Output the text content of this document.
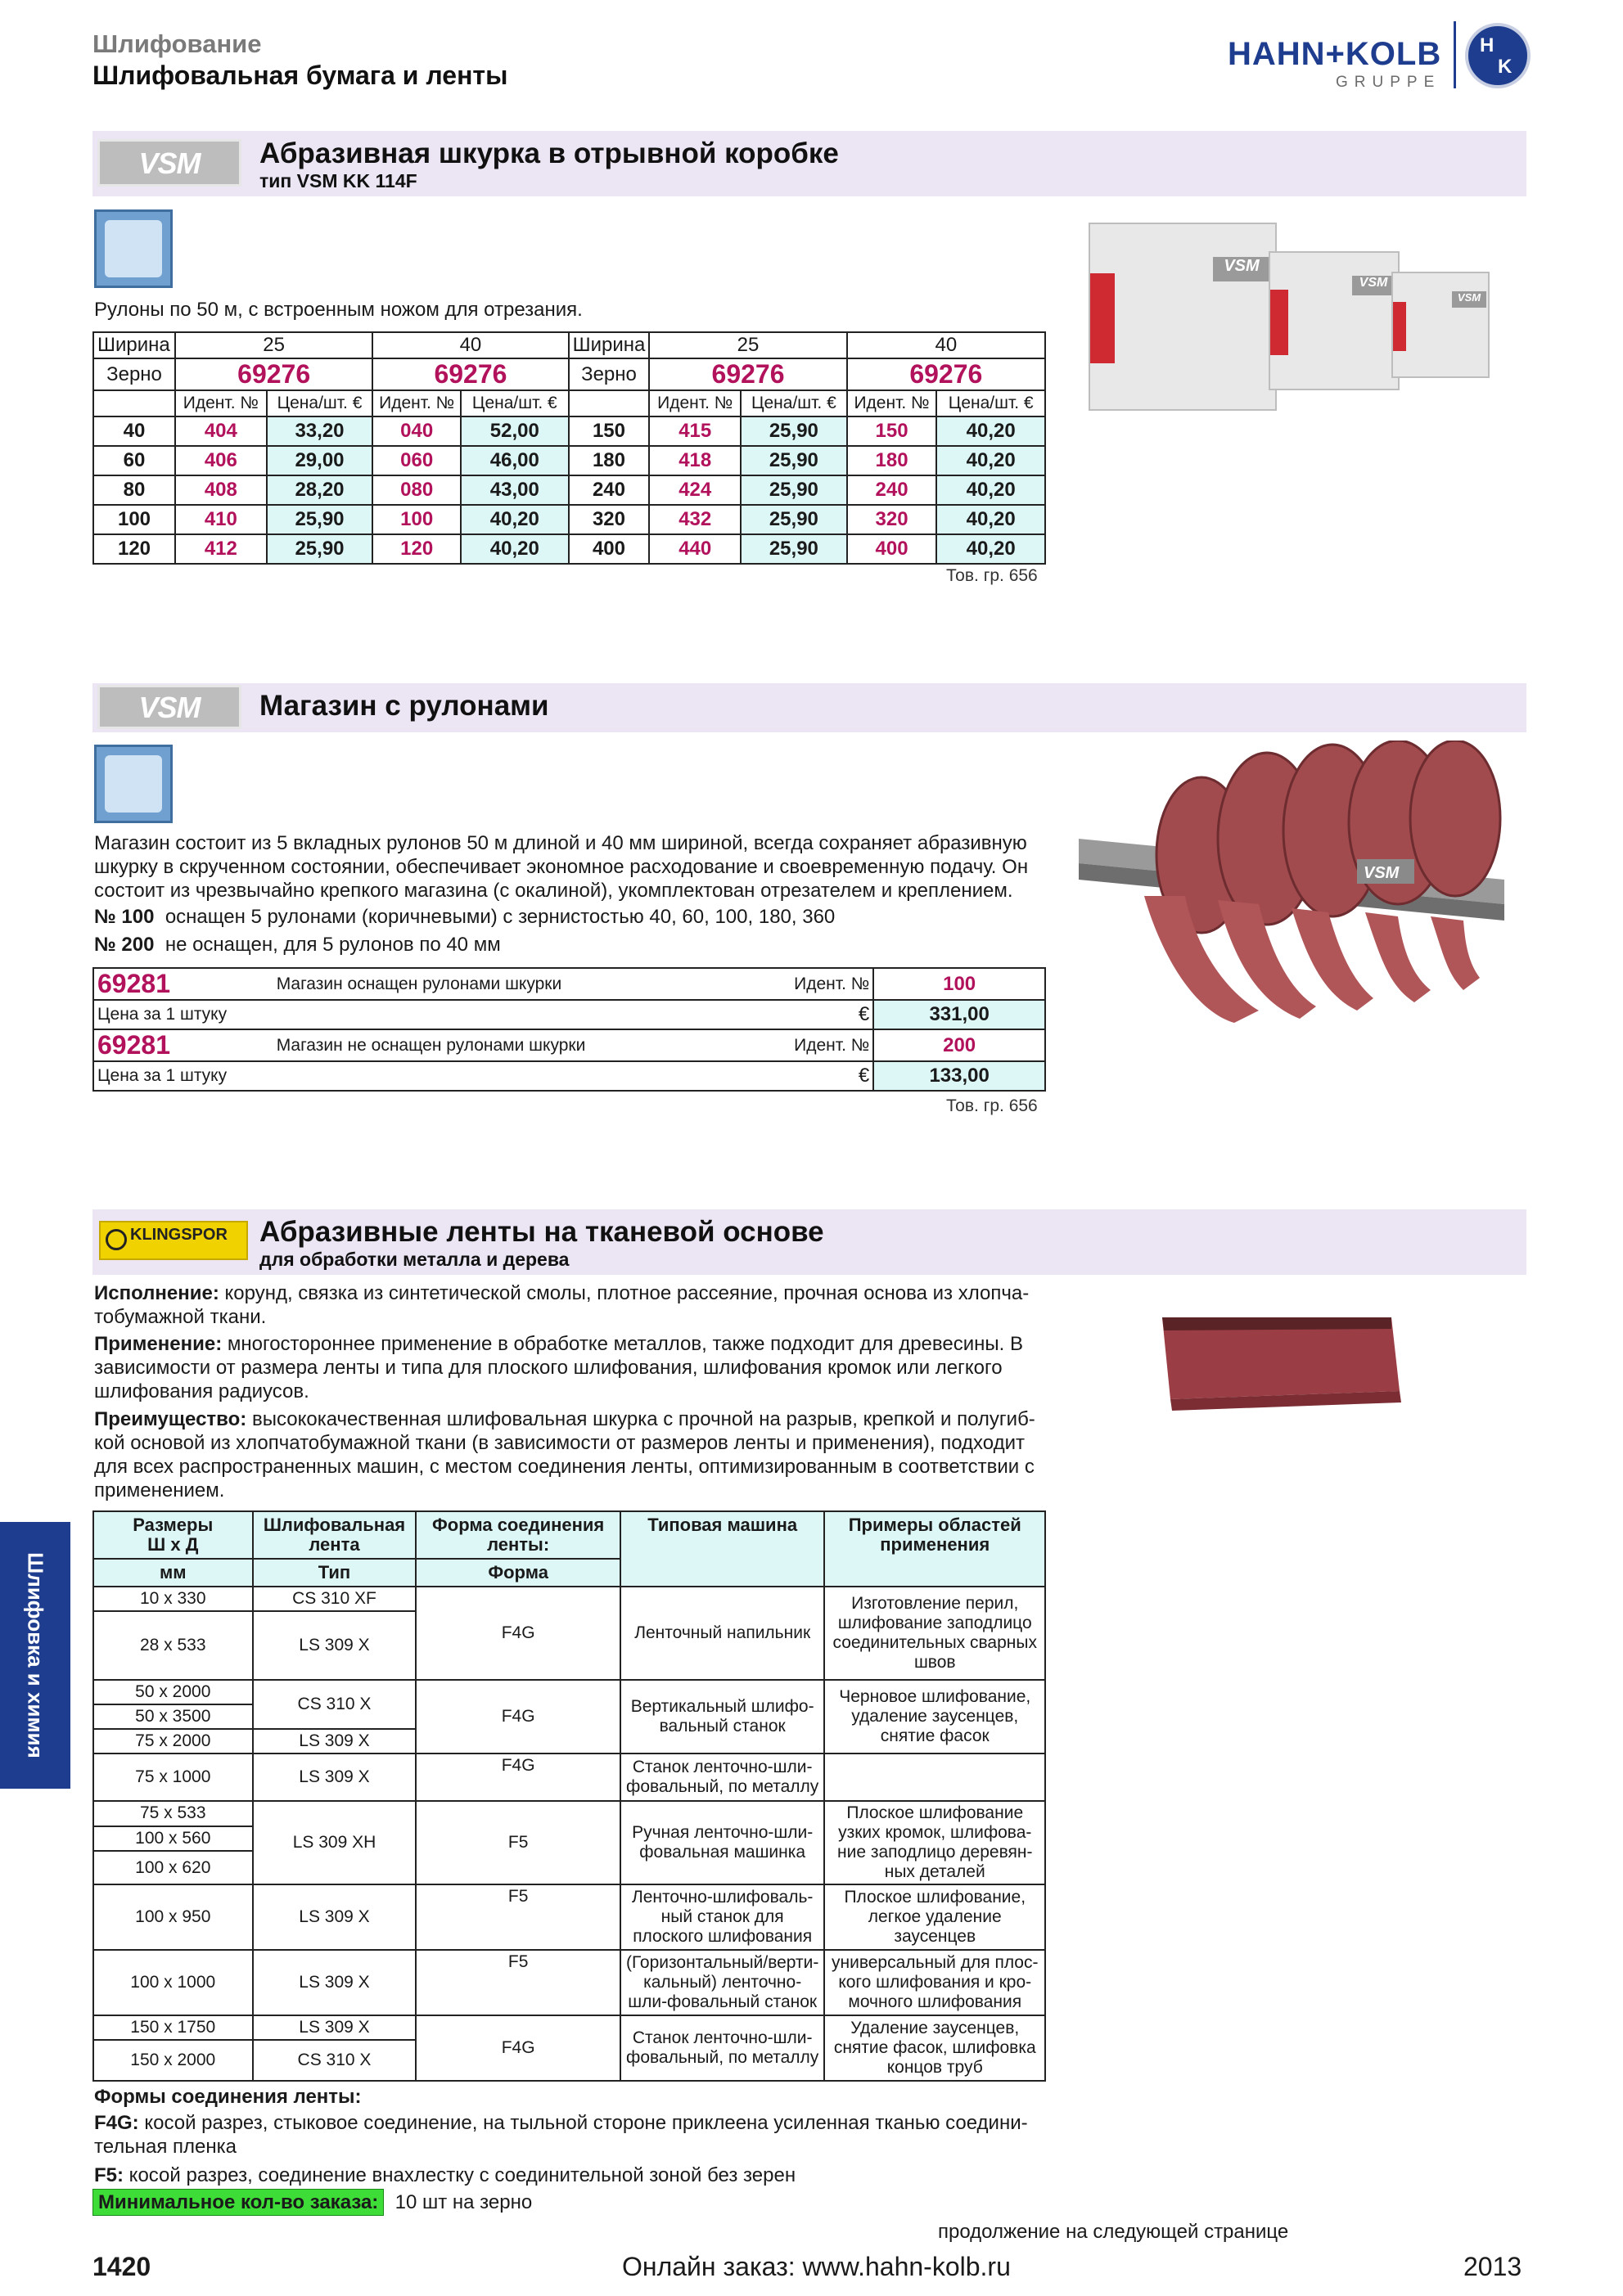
Шлифование
Шлифовальная бумага и ленты
HAHN+KOLB
GRUPPE
H
K
VSM	Абразивная шкурка в отрывной коробке
тип VSM KK 114F
Рулоны по 50 м, с встроенным ножом для отрезания.
Ширина	25		40		Ширина	25		40	
Зерно	69276		69276		Зерно	69276		69276	
	Идент. №	Цена/шт. €	Идент. №	Цена/шт. €		Идент. №	Цена/шт. €	Идент. №	Цена/шт. €
40	404	33,20	040	52,00	150	415	25,90	150	40,20
60	406	29,00	060	46,00	180	418	25,90	180	40,20
80	408	28,20	080	43,00	240	424	25,90	240	40,20
100	410	25,90	100	40,20	320	432	25,90	320	40,20
120	412	25,90	120	40,20	400	440	25,90	400	40,20
Тов. гр. 656
VSM
VSM
VSM
VSM	Магазин с рулонами
Магазин состоит из 5 вкладных рулонов 50 м длиной и 40 мм шириной, всегда сохраняет абразивную
шкурку в скрученном состоянии, обеспечивает экономное расходование и своевременную подачу. Он
состоит из чрезвычайно крепкого магазина (с окалиной), укомплектован отрезателем и креплением.
№ 100 оснащен 5 рулонами (коричневыми) с зернистостью 40, 60, 100, 180, 360
№ 200 не оснащен, для 5 рулонов по 40 мм
69281	Магазин оснащен рулонами шкурки	Идент. №	100
Цена за 1 штуку		€	331,00
69281	Магазин не оснащен рулонами шкурки	Идент. №	200
Цена за 1 штуку		€	133,00
Тов. гр. 656
VSM
KLINGSPOR Абразивные ленты на тканевой основе
для обработки металла и дерева
Исполнение: корунд, связка из синтетической смолы, плотное рассеяние, прочная основа из хлопча-
тобумажной ткани.
Применение: многостороннее применение в обработке металлов, также подходит для древесины. В
зависимости от размера ленты и типа для плоского шлифования, шлифования кромок или легкого
шлифования радиусов.
Преимущество: высококачественная шлифовальная шкурка с прочной на разрыв, крепкой и полугиб-
кой основой из хлопчатобумажной ткани (в зависимости от размеров ленты и применения), подходит
для всех распространенных машин, с местом соединения ленты, оптимизированным в соответствии с
применением.
Размеры
Ш х Д	Шлифовальная
лента	Форма соединения
ленты:	Типовая машина	Примеры областей
применения
мм	Тип	Форма		
10 x 330	CS 310 XF	F4G	Ленточный напильник	Изготовление перил, шлифование заподлицо соединительных сварных швов
28 x 533	LS 309 X			
50 x 2000	CS 310 X	F4G	Вертикальный шлифо-вальный станок	Черновое шлифование, удаление заусенцев, снятие фасок
50 x 3500				
75 x 2000	LS 309 X			
75 x 1000	LS 309 X	F4G	Станок ленточно-шли-фовальный, по металлу	
75 x 533	LS 309 XH	F5	Ручная ленточно-шли-фовальная машинка	Плоское шлифование узких кромок, шлифова-ние заподлицо деревян-ных деталей
100 x 560				
100 x 620				
100 x 950	LS 309 X	F5	Ленточно-шлифоваль-ный станок для плоского шлифования	Плоское шлифование, легкое удаление заусенцев
100 x 1000	LS 309 X	F5	(Горизонтальный/верти-кальный) ленточно-шли-фовальный станок	универсальный для плос-кого шлифования и кро-мочного шлифования
150 x 1750	LS 309 X	F4G	Станок ленточно-шли-фовальный, по металлу	Удаление заусенцев, снятие фасок, шлифовка концов труб
150 x 2000	CS 310 X			
Формы соединения ленты:
F4G: косой разрез, стыковое соединение, на тыльной стороне приклеена усиленная тканью соедини-
тельная пленка
F5: косой разрез, соединение внахлестку с соединительной зоной без зерен
Минимальное кол-во заказа: 10 шт на зерно
Шлифовка и химия
продолжение на следующей странице
1420	Онлайн заказ: www.hahn-kolb.ru	2013
